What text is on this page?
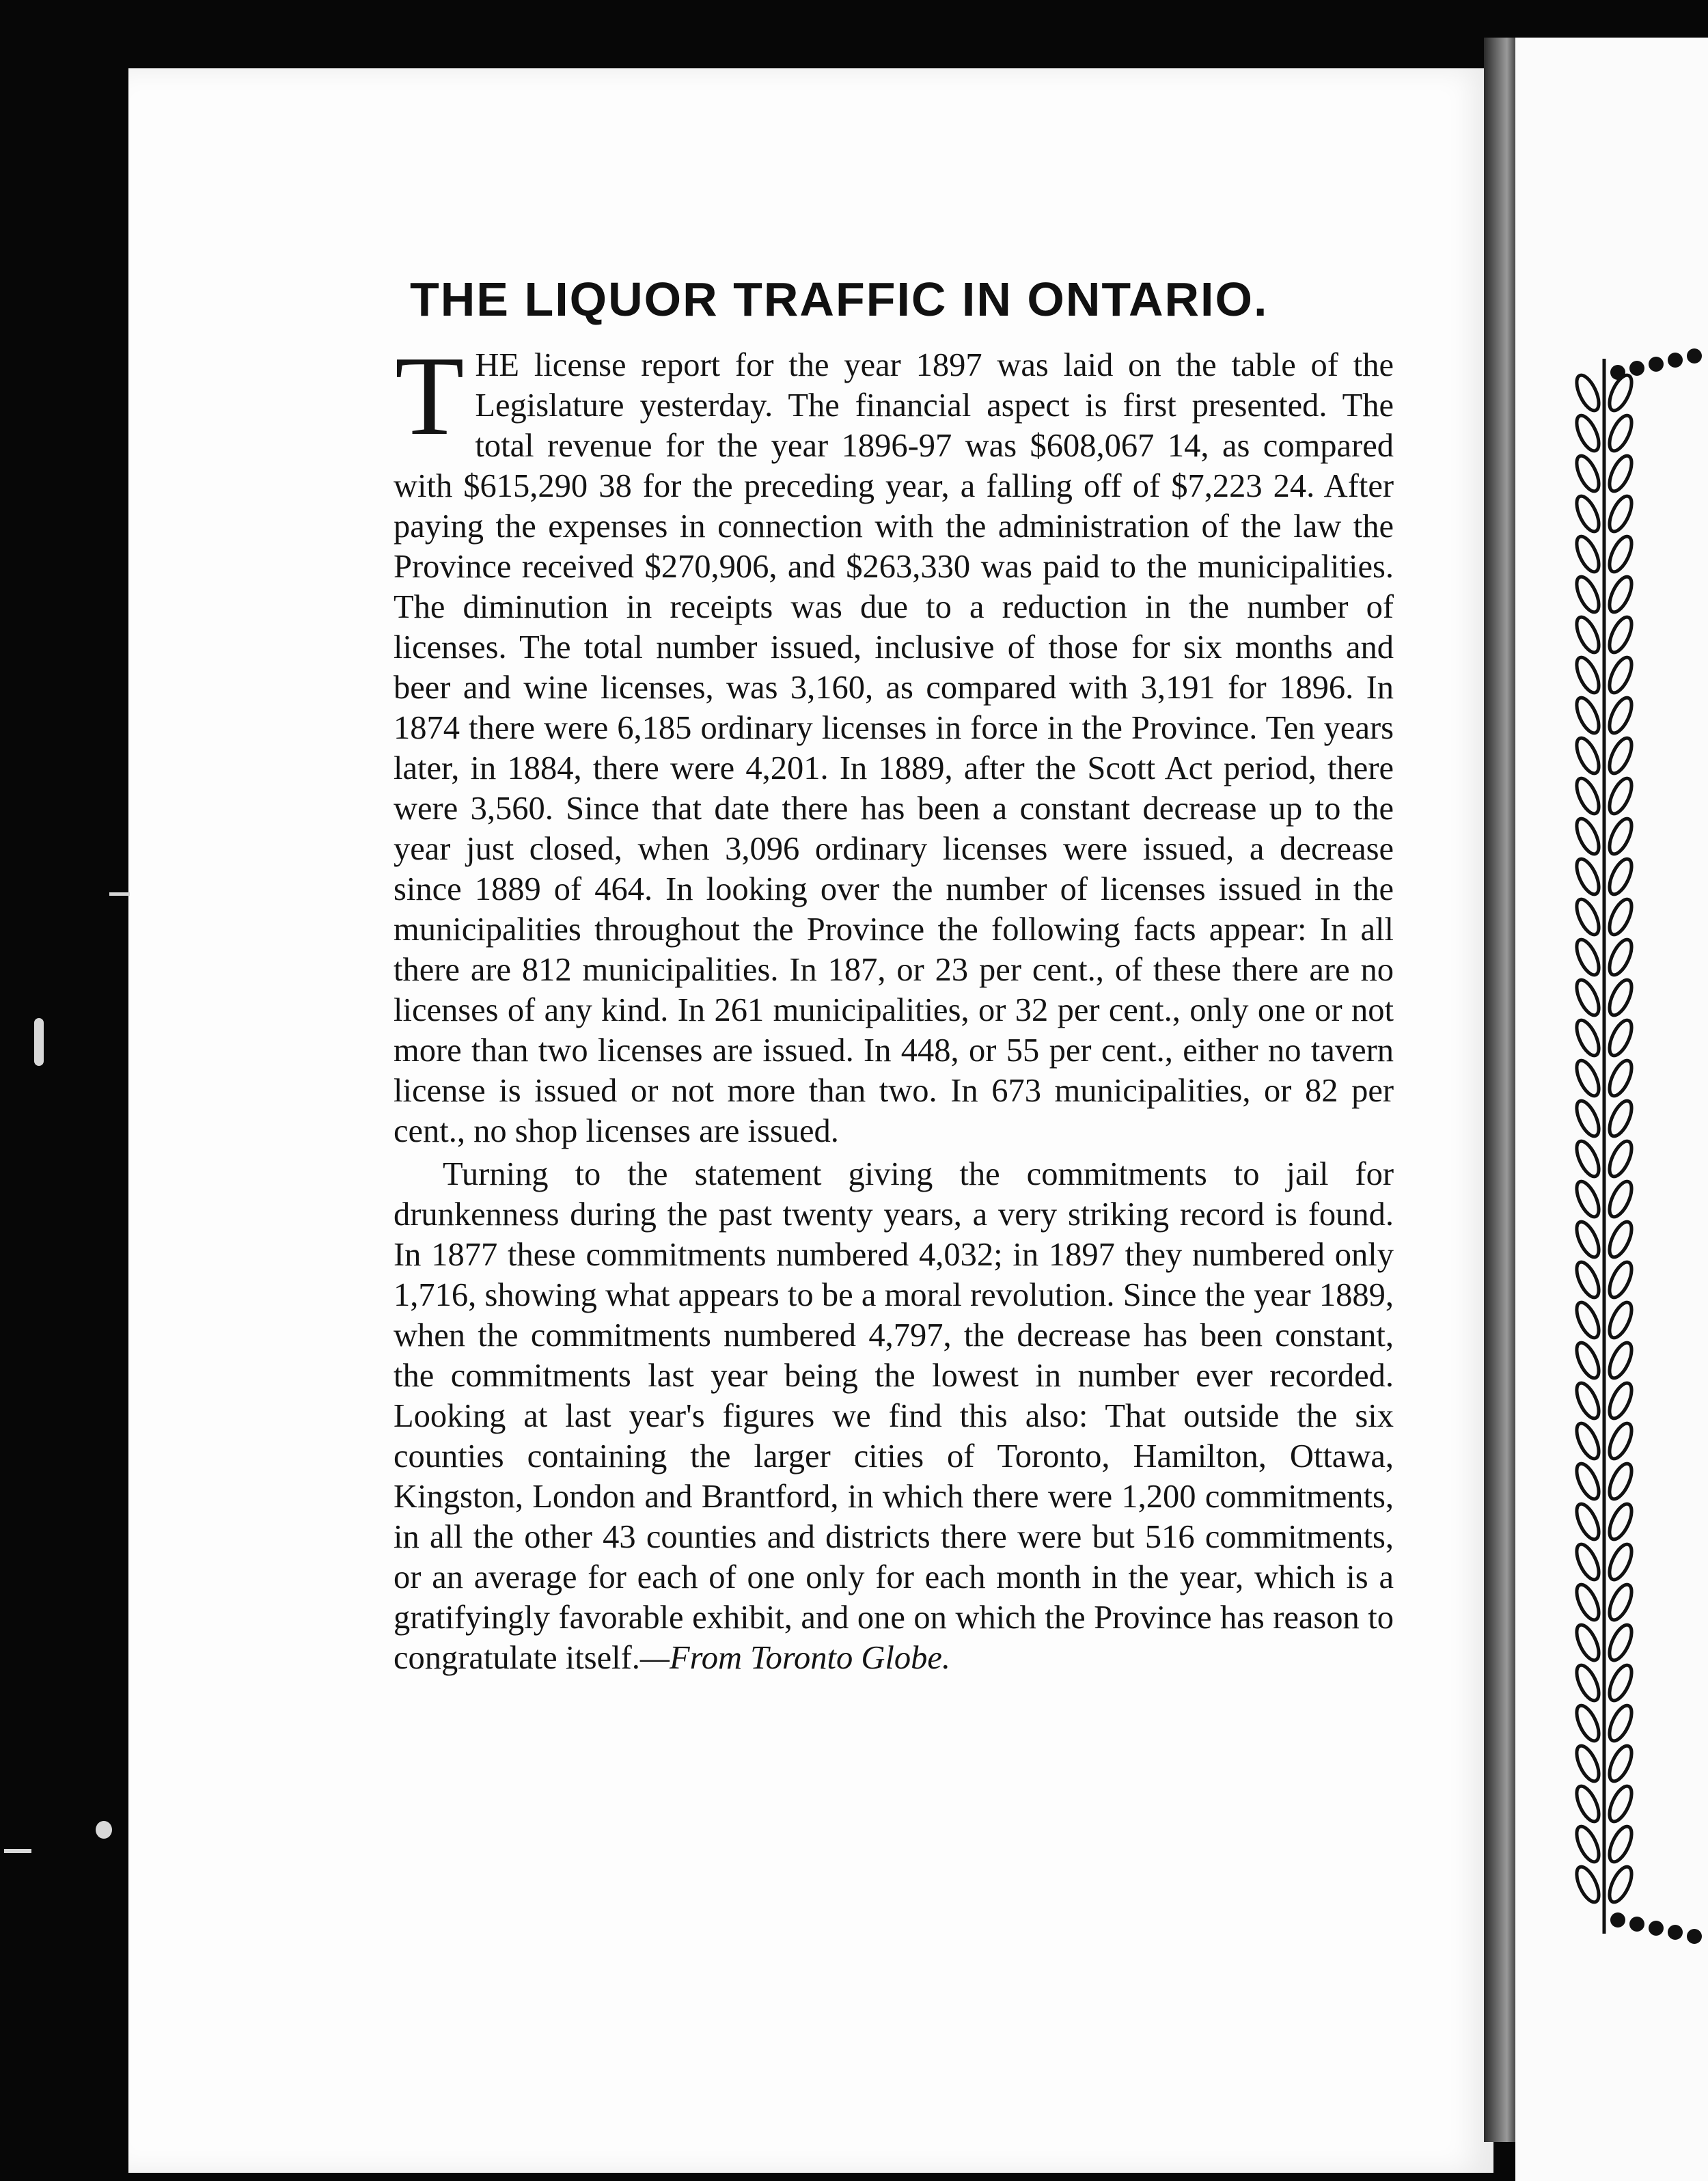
THE LIQUOR TRAFFIC IN ONTARIO.

THE license report for the year 1897 was laid on the table of the Legislature yesterday. The financial aspect is first presented. The total revenue for the year 1896-97 was $608,067 14, as compared with $615,290 38 for the preceding year, a falling off of $7,223 24. After paying the expenses in connection with the administration of the law the Province received $270,906, and $263,330 was paid to the municipalities. The diminution in receipts was due to a reduction in the number of licenses. The total number issued, inclusive of those for six months and beer and wine licenses, was 3,160, as compared with 3,191 for 1896. In 1874 there were 6,185 ordinary licenses in force in the Province. Ten years later, in 1884, there were 4,201. In 1889, after the Scott Act period, there were 3,560. Since that date there has been a constant decrease up to the year just closed, when 3,096 ordinary licenses were issued, a decrease since 1889 of 464. In looking over the number of licenses issued in the municipalities throughout the Province the following facts appear: In all there are 812 municipalities. In 187, or 23 per cent., of these there are no licenses of any kind. In 261 municipalities, or 32 per cent., only one or not more than two licenses are issued. In 448, or 55 per cent., either no tavern license is issued or not more than two. In 673 municipalities, or 82 per cent., no shop licenses are issued.

Turning to the statement giving the commitments to jail for drunkenness during the past twenty years, a very striking record is found. In 1877 these commitments numbered 4,032; in 1897 they numbered only 1,716, showing what appears to be a moral revolution. Since the year 1889, when the commitments numbered 4,797, the decrease has been constant, the commitments last year being the lowest in number ever recorded. Looking at last year's figures we find this also: That outside the six counties containing the larger cities of Toronto, Hamilton, Ottawa, Kingston, London and Brantford, in which there were 1,200 commitments, in all the other 43 counties and districts there were but 516 commitments, or an average for each of one only for each month in the year, which is a gratifyingly favorable exhibit, and one on which the Province has reason to congratulate itself.—From Toronto Globe.
